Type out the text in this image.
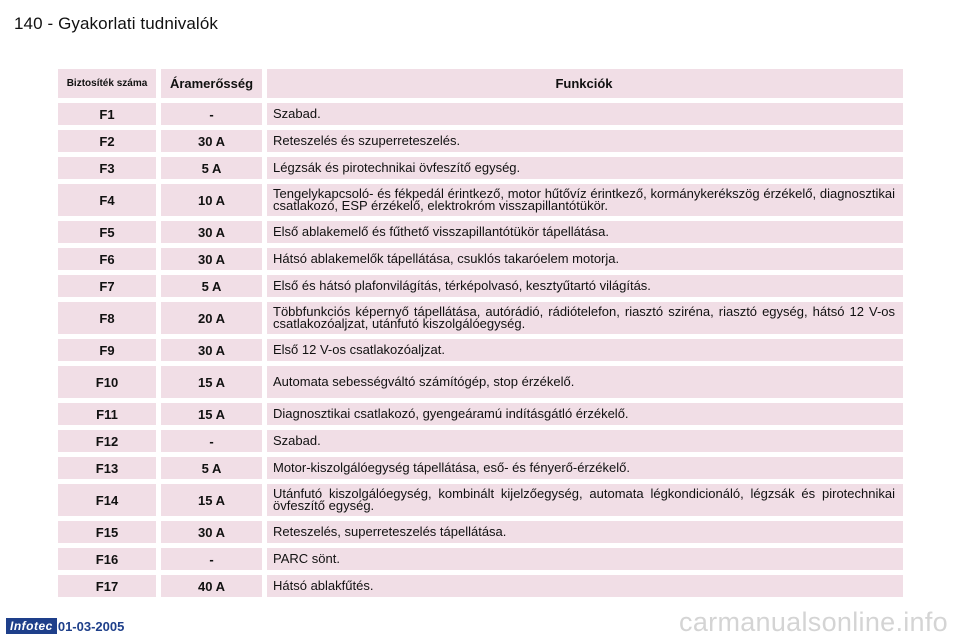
140 - Gyakorlati tudnivalók
Biztosíték száma	Áramerősség	Funkciók
F1	-	Szabad.
F2	30 A	Reteszelés és szuperreteszelés.
F3	5 A	Légzsák és pirotechnikai övfeszítő egység.
F4	10 A	Tengelykapcsoló- és fékpedál érintkező, motor hűtővíz érintkező, kormánykerékszög érzékelő, diagnosztikai csatlakozó, ESP érzékelő, elektrokróm visszapillantótükör.
F5	30 A	Első ablakemelő és fűthető visszapillantótükör tápellátása.
F6	30 A	Hátsó ablakemelők tápellátása, csuklós takaróelem motorja.
F7	5 A	Első és hátsó plafonvilágítás, térképolvasó, kesztyűtartó világítás.
F8	20 A	Többfunkciós képernyő tápellátása, autórádió, rádiótelefon, riasztó sziréna, riasztó egység, hátsó 12 V-os csatlakozóaljzat, utánfutó kiszolgálóegység.
F9	30 A	Első 12 V-os csatlakozóaljzat.
F10	15 A	Automata sebességváltó számítógép, stop érzékelő.
F11	15 A	Diagnosztikai csatlakozó, gyengeáramú indításgátló érzékelő.
F12	-	Szabad.
F13	5 A	Motor-kiszolgálóegység tápellátása, eső- és fényerő-érzékelő.
F14	15 A	Utánfutó kiszolgálóegység, kombinált kijelzőegység, automata légkondicionáló, légzsák és pirotechnikai övfeszítő egység.
F15	30 A	Reteszelés, superreteszelés tápellátása.
F16	-	PARC sönt.
F17	40 A	Hátsó ablakfűtés.
Infotec 01-03-2005	carmanualsonline.info
